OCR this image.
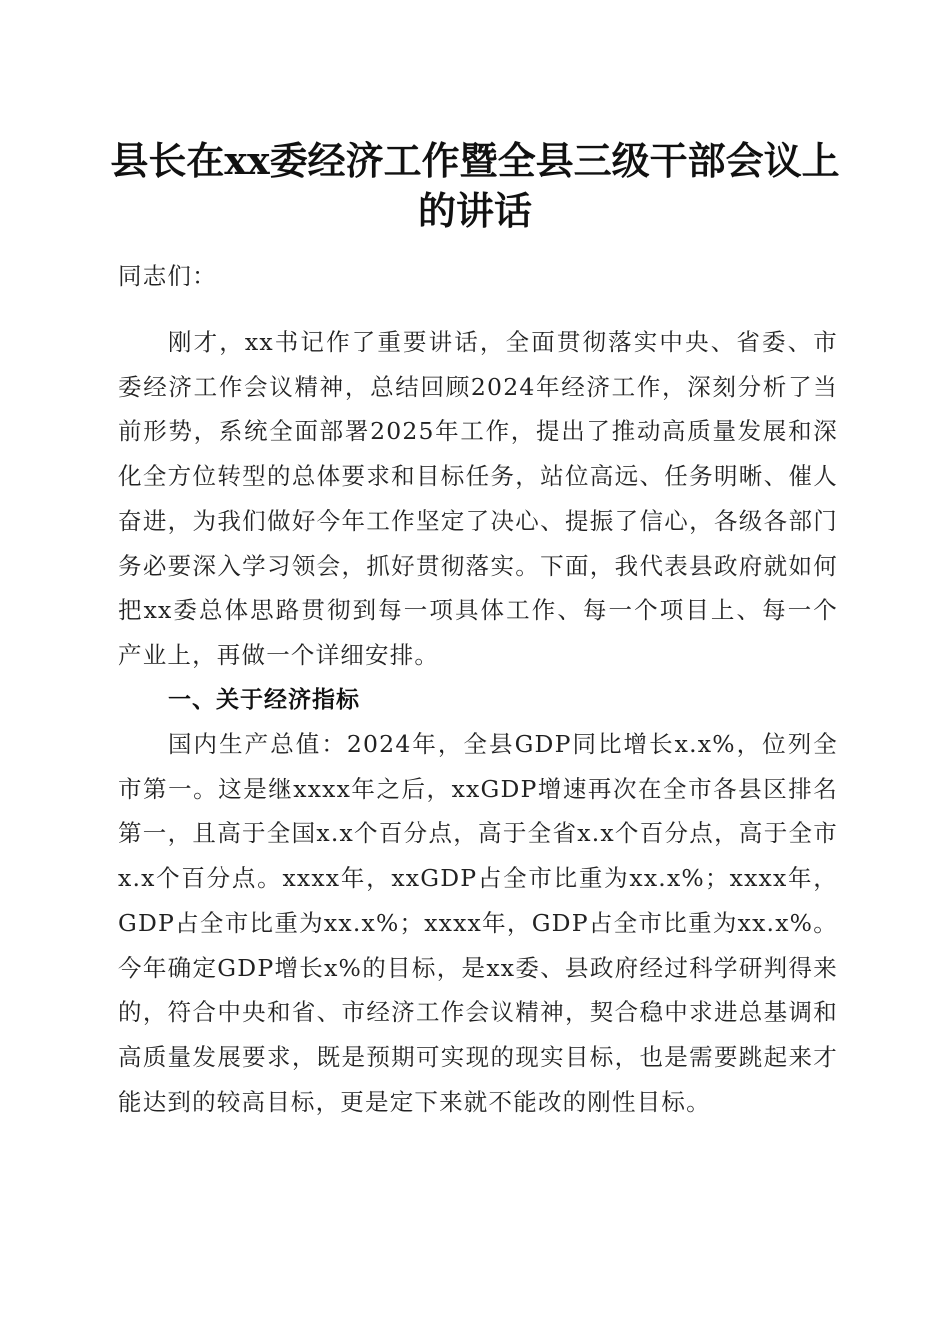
县长在xx委经济工作暨全县三级干部会议上的讲话
同志们：
刚才，xx书记作了重要讲话，全面贯彻落实中央、省委、市委经济工作会议精神，总结回顾2024年经济工作，深刻分析了当前形势，系统全面部署2025年工作，提出了推动高质量发展和深化全方位转型的总体要求和目标任务，站位高远、任务明晰、催人奋进，为我们做好今年工作坚定了决心、提振了信心，各级各部门务必要深入学习领会，抓好贯彻落实。下面，我代表县政府就如何把xx委总体思路贯彻到每一项具体工作、每一个项目上、每一个产业上，再做一个详细安排。
一、关于经济指标
国内生产总值：2024年，全县GDP同比增长x.x%，位列全市第一。这是继xxxx年之后，xxGDP增速再次在全市各县区排名第一，且高于全国x.x个百分点，高于全省x.x个百分点，高于全市x.x个百分点。xxxx年，xxGDP占全市比重为xx.x%；xxxx年，GDP占全市比重为xx.x%；xxxx年，GDP占全市比重为xx.x%。今年确定GDP增长x%的目标，是xx委、县政府经过科学研判得来的，符合中央和省、市经济工作会议精神，契合稳中求进总基调和高质量发展要求，既是预期可实现的现实目标，也是需要跳起来才能达到的较高目标，更是定下来就不能改的刚性目标。
